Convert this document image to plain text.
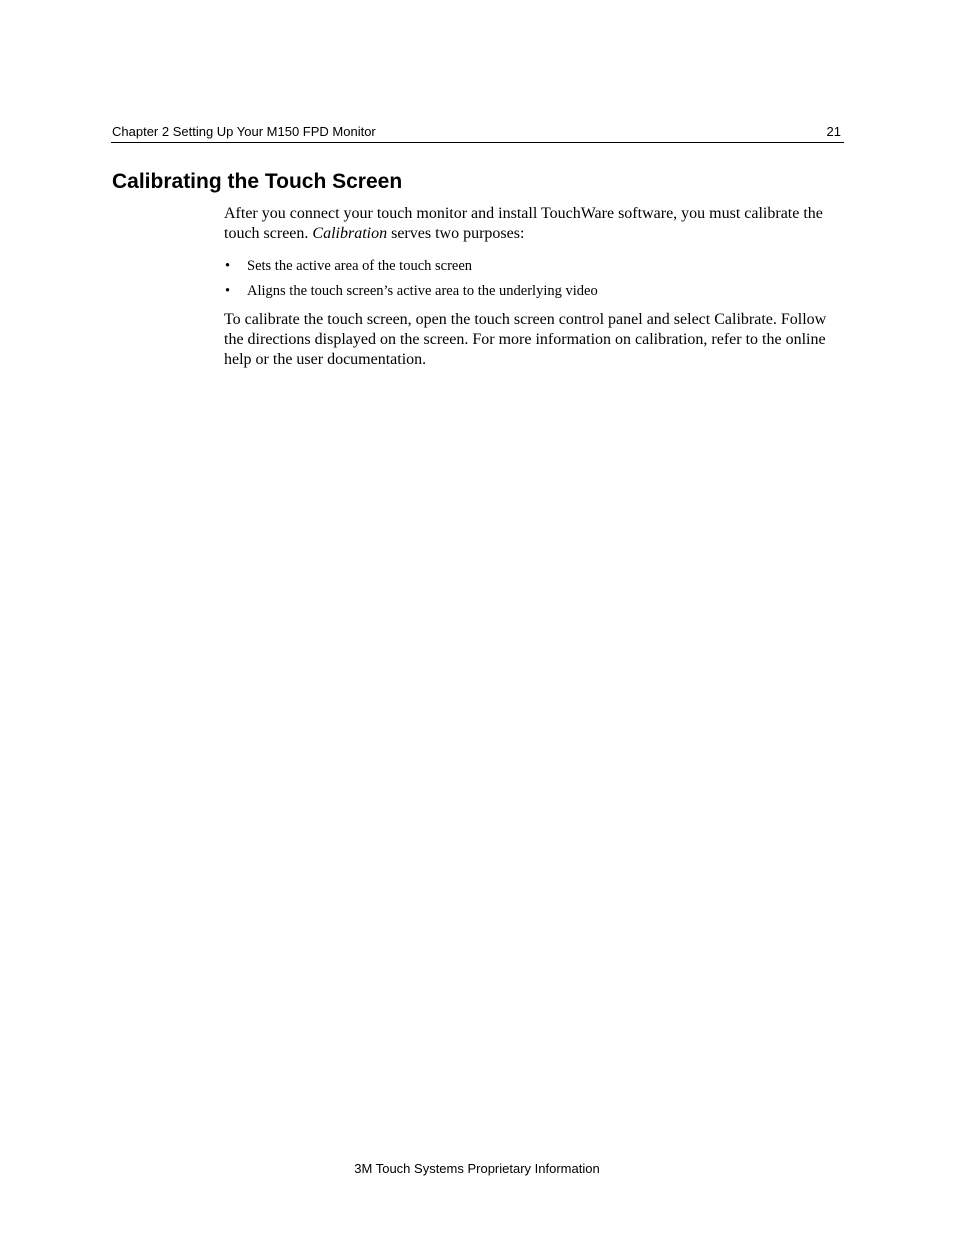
Chapter 2 Setting Up Your M150 FPD Monitor	21
Calibrating the Touch Screen

After you connect your touch monitor and install TouchWare software, you must calibrate the touch screen. Calibration serves two purposes:

• Sets the active area of the touch screen
• Aligns the touch screen’s active area to the underlying video

To calibrate the touch screen, open the touch screen control panel and select Calibrate. Follow the directions displayed on the screen. For more information on calibration, refer to the online help or the user documentation.

3M Touch Systems Proprietary Information
